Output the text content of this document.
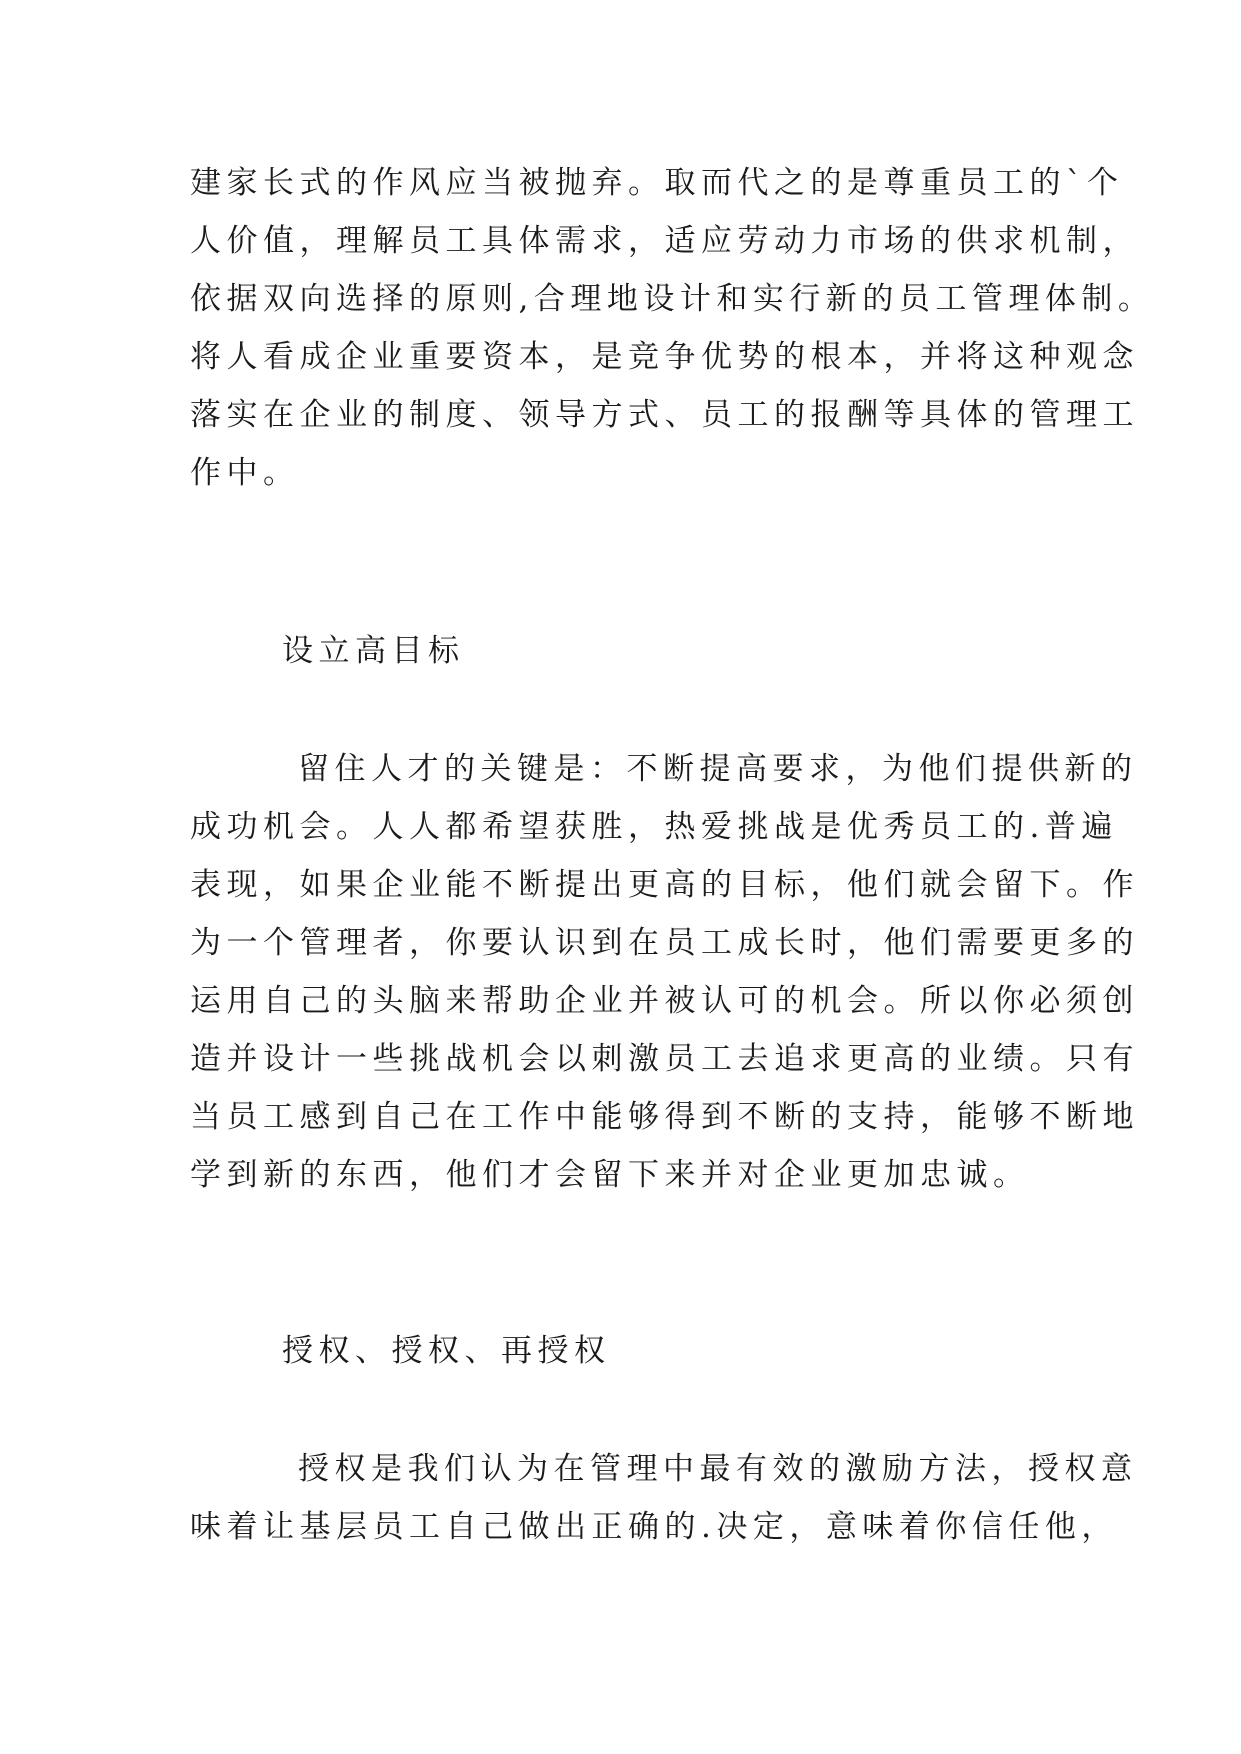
建家长式的作风应当被抛弃。取而代之的是尊重员工的`个
人价值，理解员工具体需求，适应劳动力市场的供求机制，
依据双向选择的原则,合理地设计和实行新的员工管理体制。
将人看成企业重要资本，是竞争优势的根本，并将这种观念
落实在企业的制度、领导方式、员工的报酬等具体的管理工
作中。
设立高目标
留住人才的关键是：不断提高要求，为他们提供新的
成功机会。人人都希望获胜，热爱挑战是优秀员工的.普遍
表现，如果企业能不断提出更高的目标，他们就会留下。作
为一个管理者，你要认识到在员工成长时，他们需要更多的
运用自己的头脑来帮助企业并被认可的机会。所以你必须创
造并设计一些挑战机会以刺激员工去追求更高的业绩。只有
当员工感到自己在工作中能够得到不断的支持，能够不断地
学到新的东西，他们才会留下来并对企业更加忠诚。
授权、授权、再授权
授权是我们认为在管理中最有效的激励方法，授权意
味着让基层员工自己做出正确的.决定，意味着你信任他，
